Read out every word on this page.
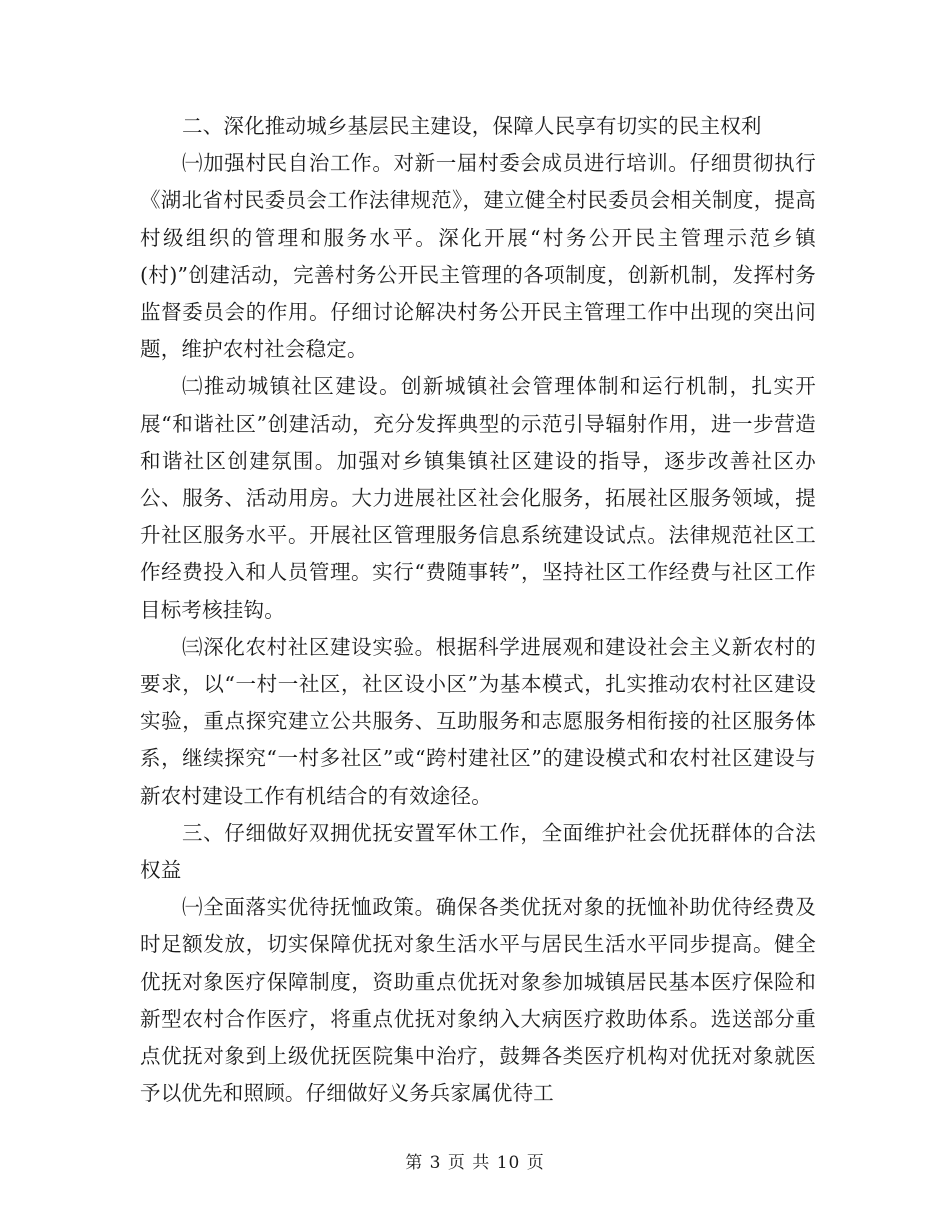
二、深化推动城乡基层民主建设，保障人民享有切实的民主权利

㈠加强村民自治工作。对新一届村委会成员进行培训。仔细贯彻执行《湖北省村民委员会工作法律规范》，建立健全村民委员会相关制度，提高村级组织的管理和服务水平。深化开展“村务公开民主管理示范乡镇(村)”创建活动，完善村务公开民主管理的各项制度，创新机制，发挥村务监督委员会的作用。仔细讨论解决村务公开民主管理工作中出现的突出问题，维护农村社会稳定。

㈡推动城镇社区建设。创新城镇社会管理体制和运行机制，扎实开展“和谐社区”创建活动，充分发挥典型的示范引导辐射作用，进一步营造和谐社区创建氛围。加强对乡镇集镇社区建设的指导，逐步改善社区办公、服务、活动用房。大力进展社区社会化服务，拓展社区服务领域，提升社区服务水平。开展社区管理服务信息系统建设试点。法律规范社区工作经费投入和人员管理。实行“费随事转”，坚持社区工作经费与社区工作目标考核挂钩。

㈢深化农村社区建设实验。根据科学进展观和建设社会主义新农村的要求，以“一村一社区，社区设小区”为基本模式，扎实推动农村社区建设实验，重点探究建立公共服务、互助服务和志愿服务相衔接的社区服务体系，继续探究“一村多社区”或“跨村建社区”的建设模式和农村社区建设与新农村建设工作有机结合的有效途径。

三、仔细做好双拥优抚安置军休工作，全面维护社会优抚群体的合法权益

㈠全面落实优待抚恤政策。确保各类优抚对象的抚恤补助优待经费及时足额发放，切实保障优抚对象生活水平与居民生活水平同步提高。健全优抚对象医疗保障制度，资助重点优抚对象参加城镇居民基本医疗保险和新型农村合作医疗，将重点优抚对象纳入大病医疗救助体系。选送部分重点优抚对象到上级优抚医院集中治疗，鼓舞各类医疗机构对优抚对象就医予以优先和照顾。仔细做好义务兵家属优待工

第 3 页 共 10 页
